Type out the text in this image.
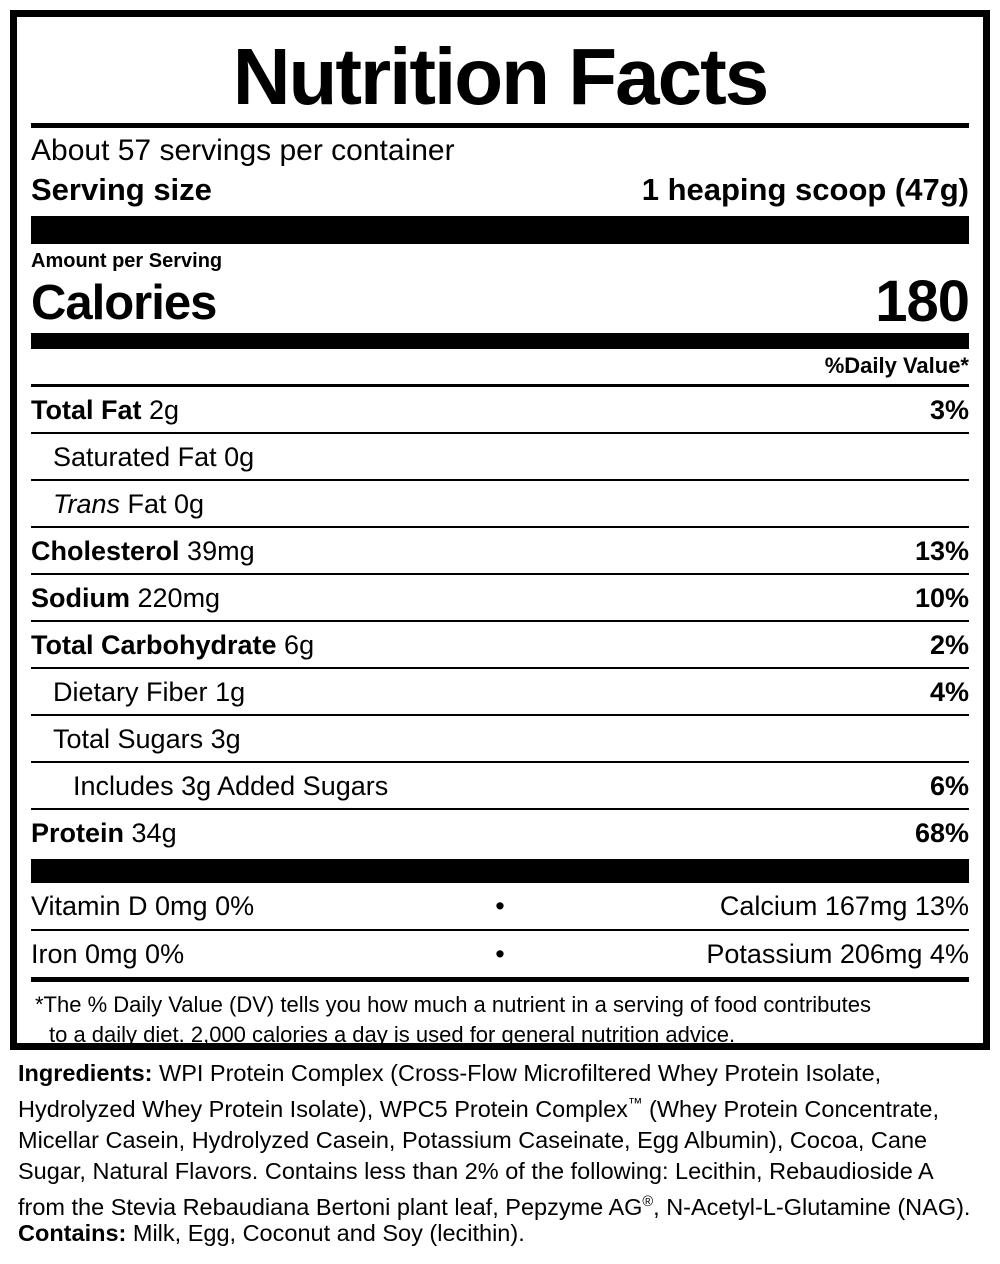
Nutrition Facts
About 57 servings per container
Serving size	1 heaping scoop (47g)
Amount per Serving
Calories	180
%Daily Value*
Total Fat 2g	3%
Saturated Fat 0g
Trans Fat 0g
Cholesterol 39mg	13%
Sodium 220mg	10%
Total Carbohydrate 6g	2%
Dietary Fiber 1g	4%
Total Sugars 3g
Includes 3g Added Sugars	6%
Protein 34g	68%
Vitamin D 0mg 0%	•	Calcium 167mg 13%
Iron 0mg 0%	•	Potassium 206mg 4%
*The % Daily Value (DV) tells you how much a nutrient in a serving of food contributes
to a daily diet. 2,000 calories a day is used for general nutrition advice.
Ingredients: WPI Protein Complex (Cross-Flow Microfiltered Whey Protein Isolate, Hydrolyzed Whey Protein Isolate), WPC5 Protein Complex™ (Whey Protein Concentrate, Micellar Casein, Hydrolyzed Casein, Potassium Caseinate, Egg Albumin), Cocoa, Cane Sugar, Natural Flavors. Contains less than 2% of the following: Lecithin, Rebaudioside A from the Stevia Rebaudiana Bertoni plant leaf, Pepzyme AG®, N-Acetyl-L-Glutamine (NAG).
Contains: Milk, Egg, Coconut and Soy (lecithin).
